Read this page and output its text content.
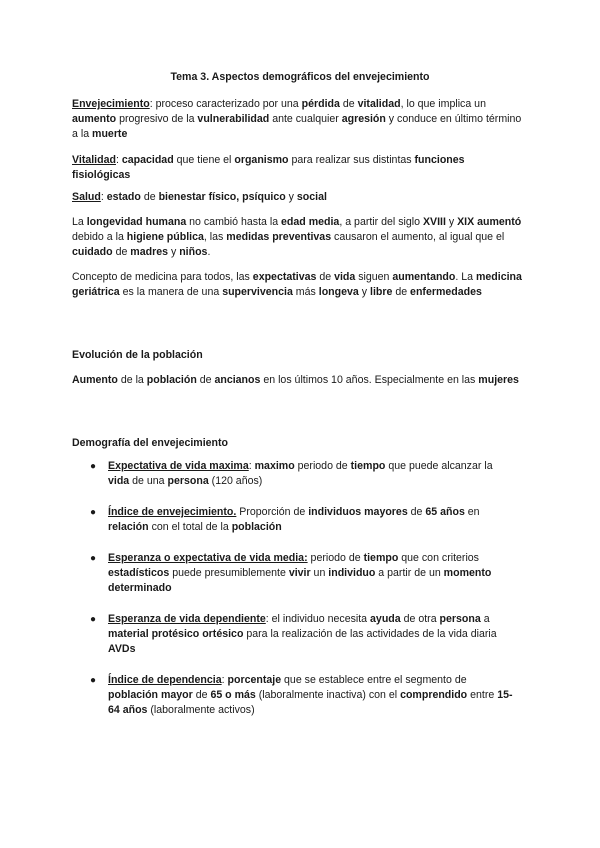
Tema 3. Aspectos demográficos del envejecimiento

Envejecimiento: proceso caracterizado por una pérdida de vitalidad, lo que implica un aumento progresivo de la vulnerabilidad ante cualquier agresión y conduce en último término a la muerte

Vitalidad: capacidad que tiene el organismo para realizar sus distintas funciones fisiológicas

Salud: estado de bienestar físico, psíquico y social

La longevidad humana no cambió hasta la edad media, a partir del siglo XVIII y XIX aumentó debido a la higiene pública, las medidas preventivas causaron el aumento, al igual que el cuidado de madres y niños.

Concepto de medicina para todos, las expectativas de vida siguen aumentando. La medicina geriátrica es la manera de una supervivencia más longeva y libre de enfermedades

Evolución de la población

Aumento de la población de ancianos en los últimos 10 años. Especialmente en las mujeres

Demografía del envejecimiento

● Expectativa de vida maxima: maximo periodo de tiempo que puede alcanzar la vida de una persona (120 años)
● Índice de envejecimiento. Proporción de individuos mayores de 65 años en relación con el total de la población
● Esperanza o expectativa de vida media: periodo de tiempo que con criterios estadísticos puede presumiblemente vivir un individuo a partir de un momento determinado
● Esperanza de vida dependiente: el individuo necesita ayuda de otra persona a material protésico ortésico para la realización de las actividades de la vida diaria AVDs
● Índice de dependencia: porcentaje que se establece entre el segmento de población mayor de 65 o más (laboralmente inactiva) con el comprendido entre 15-64 años (laboralmente activos)
